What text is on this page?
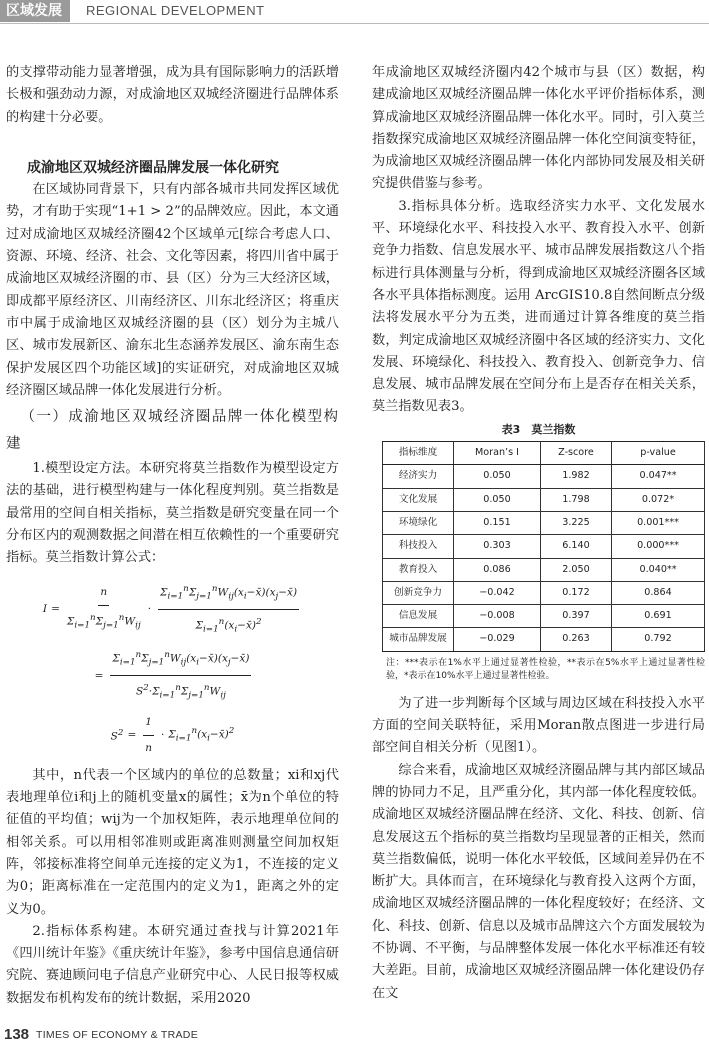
区域发展	REGIONAL DEVELOPMENT

的支撑带动能力显著增强，成为具有国际影响力的活跃增长极和强劲动力源，对成渝地区双城经济圈进行品牌体系的构建十分必要。

成渝地区双城经济圈品牌发展一体化研究

在区域协同背景下，只有内部各城市共同发挥区域优势，才有助于实现“1+1 > 2”的品牌效应。因此，本文通过对成渝地区双城经济圈42个区域单元[综合考虑人口、资源、环境、经济、社会、文化等因素，将四川省中属于成渝地区双城经济圈的市、县（区）分为三大经济区域，即成都平原经济区、川南经济区、川东北经济区；将重庆市中属于成渝地区双城经济圈的县（区）划分为主城八区、城市发展新区、渝东北生态涵养发展区、渝东南生态保护发展区四个功能区域]的实证研究，对成渝地区双城经济圈区域品牌一体化发展进行分析。

（一）成渝地区双城经济圈品牌一体化模型构建

1.模型设定方法。本研究将莫兰指数作为模型设定方法的基础，进行模型构建与一体化程度判别。莫兰指数是最常用的空间自相关指标，莫兰指数是研究变量在同一个分布区内的观测数据之间潜在相互依赖性的一个重要研究指标。莫兰指数计算公式：

$I = \frac{n}{\Sigma_{i=1}^n\Sigma_{j=1}^nW_{ij}} \cdot \frac{\Sigma_{i=1}^n\Sigma_{j=1}^nW_{ij}(x_i-x̄)(x_j-x̄)}{\Sigma_{i=1}^n(x_i-x̄)^2}$
= $\frac{\Sigma_{i=1}^n\Sigma_{j=1}^nW_{ij}(x_i-x̄)(x_j-x̄)}{S^2\cdot\Sigma_{i=1}^n\Sigma_{j=1}^nW_{ij}}$
$S^2 = \frac{1}{n}$ · $\Sigma_{i=1}^n(x_i-x̄)^2$

其中，n代表一个区域内的单位的总数量；xi和xj代表地理单位i和j上的随机变量x的属性；x̄为n个单位的特征值的平均值；wij为一个加权矩阵，表示地理单位间的相邻关系。可以用相邻准则或距离准则测量空间加权矩阵，邻接标准将空间单元连接的定义为1，不连接的定义为0；距离标准在一定范围内的定义为1，距离之外的定义为0。

2.指标体系构建。本研究通过查找与计算2021年《四川统计年鉴》《重庆统计年鉴》，参考中国信息通信研究院、赛迪顾问电子信息产业研究中心、人民日报等权威数据发布机构发布的统计数据，采用2020

年成渝地区双城经济圈内42个城市与县（区）数据，构建成渝地区双城经济圈品牌一体化水平评价指标体系，测算成渝地区双城经济圈品牌一体化水平。同时，引入莫兰指数探究成渝地区双城经济圈品牌一体化空间演变特征，为成渝地区双城经济圈品牌一体化内部协同发展及相关研究提供借鉴与参考。

3.指标具体分析。选取经济实力水平、文化发展水平、环境绿化水平、科技投入水平、教育投入水平、创新竞争力指数、信息发展水平、城市品牌发展指数这八个指标进行具体测量与分析，得到成渝地区双城经济圈各区域各水平具体指标测度。运用 ArcGIS10.8自然间断点分级法将发展水平分为五类，进而通过计算各维度的莫兰指数，判定成渝地区双城经济圈中各区域的经济实力、文化发展、环境绿化、科技投入、教育投入、创新竞争力、信息发展、城市品牌发展在空间分布上是否存在相关关系，莫兰指数见表3。

表3　莫兰指数

指标维度	Moran’s I	Z-score	p-value
经济实力	0.050	1.982	0.047**
文化发展	0.050	1.798	0.072*
环境绿化	0.151	3.225	0.001***
科技投入	0.303	6.140	0.000***
教育投入	0.086	2.050	0.040**
创新竞争力	−0.042	0.172	0.864
信息发展	−0.008	0.397	0.691
城市品牌发展	−0.029	0.263	0.792

注：***表示在1%水平上通过显著性检验，**表示在5%水平上通过显著性检验，*表示在10%水平上通过显著性检验。

为了进一步判断每个区域与周边区域在科技投入水平方面的空间关联特征，采用Moran散点图进一步进行局部空间自相关分析（见图1）。

综合来看，成渝地区双城经济圈品牌与其内部区域品牌的协同力不足，且严重分化，其内部一体化程度较低。成渝地区双城经济圈品牌在经济、文化、科技、创新、信息发展这五个指标的莫兰指数均呈现显著的正相关，然而莫兰指数偏低，说明一体化水平较低，区域间差异仍在不断扩大。具体而言，在环境绿化与教育投入这两个方面，成渝地区双城经济圈品牌的一体化程度较好；在经济、文化、科技、创新、信息以及城市品牌这六个方面发展较为不协调、不平衡，与品牌整体发展一体化水平标准还有较大差距。目前，成渝地区双城经济圈品牌一体化建设仍存在文

138 TIMES OF ECONOMY & TRADE
